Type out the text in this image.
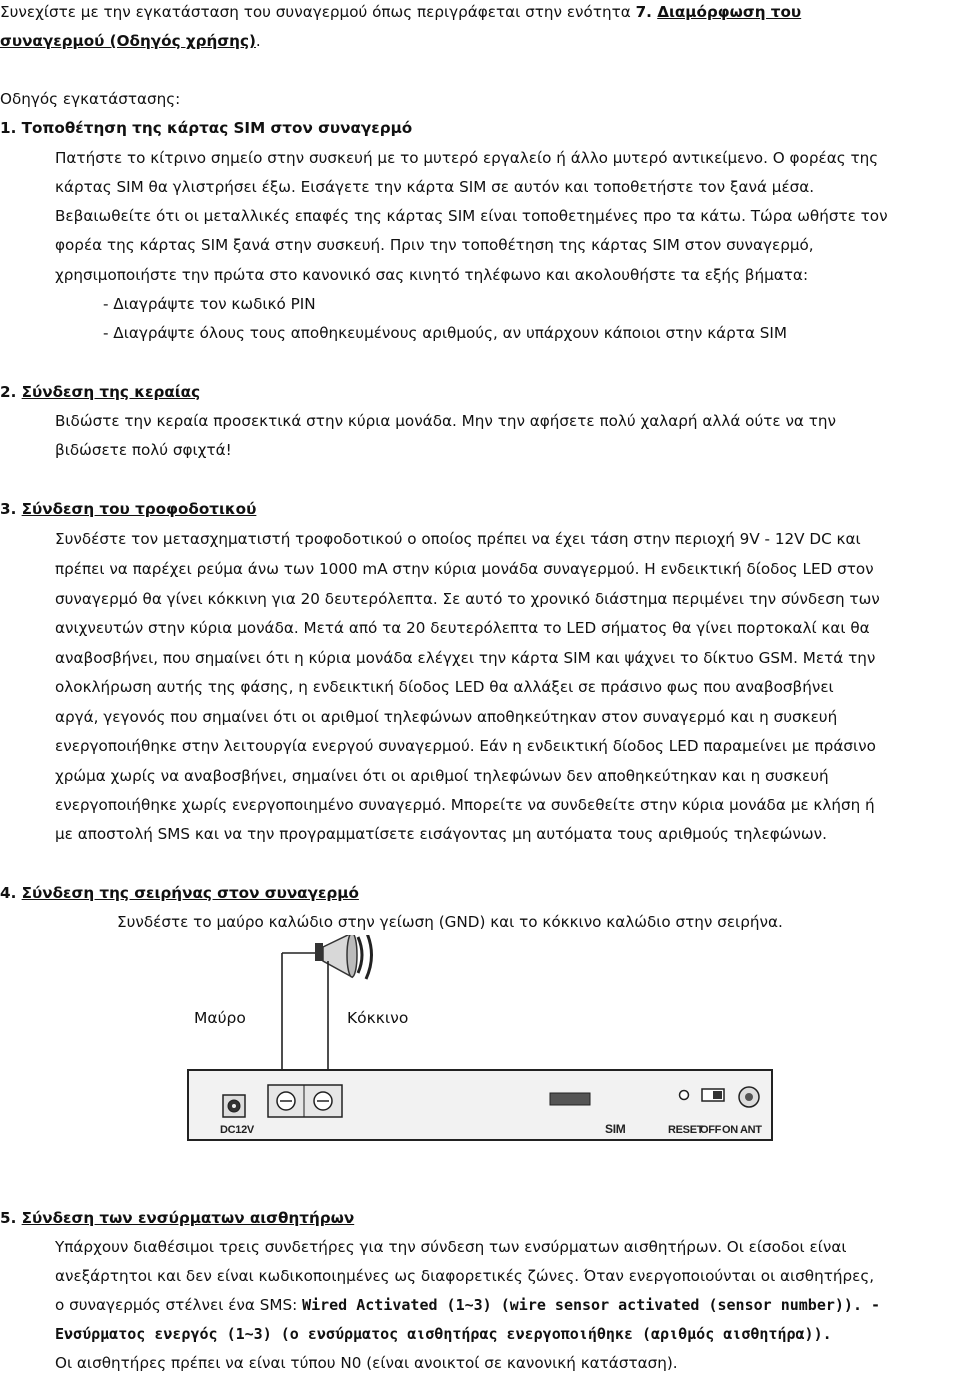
Συνεχίστε με την εγκατάσταση του συναγερμού όπως περιγράφεται στην ενότητα 7. Διαμόρφωση του
συναγερμού (Οδηγός χρήσης).
Οδηγός εγκατάστασης:
1. Τοποθέτηση της κάρτας SIM στον συναγερμό
Πατήστε το κίτρινο σημείο στην συσκευή με το μυτερό εργαλείο ή άλλο μυτερό αντικείμενο. Ο φορέας της
κάρτας SIM θα γλιστρήσει έξω. Εισάγετε την κάρτα SIM σε αυτόν και τοποθετήστε τον ξανά μέσα.
Βεβαιωθείτε ότι οι μεταλλικές επαφές της κάρτας SIM είναι τοποθετημένες προ τα κάτω. Τώρα ωθήστε τον
φορέα της κάρτας SIM ξανά στην συσκευή. Πριν την τοποθέτηση της κάρτας SIM στον συναγερμό,
χρησιμοποιήστε την πρώτα στο κανονικό σας κινητό τηλέφωνο και ακολουθήστε τα εξής βήματα:
- Διαγράψτε τον κωδικό PIN
- Διαγράψτε όλους τους αποθηκευμένους αριθμούς, αν υπάρχουν κάποιοι στην κάρτα SIM
2. Σύνδεση της κεραίας
Βιδώστε την κεραία προσεκτικά στην κύρια μονάδα. Μην την αφήσετε πολύ χαλαρή αλλά ούτε να την
βιδώσετε πολύ σφιχτά!
3. Σύνδεση του τροφοδοτικού
Συνδέστε τον μετασχηματιστή τροφοδοτικού ο οποίος πρέπει να έχει τάση στην περιοχή 9V - 12V DC και
πρέπει να παρέχει ρεύμα άνω των 1000 mA στην κύρια μονάδα συναγερμού. Η ενδεικτική δίοδος LED στον
συναγερμό θα γίνει κόκκινη για 20 δευτερόλεπτα. Σε αυτό το χρονικό διάστημα περιμένει την σύνδεση των
ανιχνευτών στην κύρια μονάδα. Μετά από τα 20 δευτερόλεπτα το LED σήματος θα γίνει πορτοκαλί και θα
αναβοσβήνει, που σημαίνει ότι η κύρια μονάδα ελέγχει την κάρτα SIM και ψάχνει το δίκτυο GSM. Μετά την
ολοκλήρωση αυτής της φάσης, η ενδεικτική δίοδος LED θα αλλάξει σε πράσινο φως που αναβοσβήνει
αργά, γεγονός που σημαίνει ότι οι αριθμοί τηλεφώνων αποθηκεύτηκαν στον συναγερμό και η συσκευή
ενεργοποιήθηκε στην λειτουργία ενεργού συναγερμού. Εάν η ενδεικτική δίοδος LED παραμείνει με πράσινο
χρώμα χωρίς να αναβοσβήνει, σημαίνει ότι οι αριθμοί τηλεφώνων δεν αποθηκεύτηκαν και η συσκευή
ενεργοποιήθηκε χωρίς ενεργοποιημένο συναγερμό. Μπορείτε να συνδεθείτε στην κύρια μονάδα με κλήση ή
με αποστολή SMS και να την προγραμματίσετε εισάγοντας μη αυτόματα τους αριθμούς τηλεφώνων.
4. Σύνδεση της σειρήνας στον συναγερμό
Συνδέστε το μαύρο καλώδιο στην γείωση (GND) και το κόκκινο καλώδιο στην σειρήνα.
DC12V	SIM	RESET
OFF ON ANT
Μαύρο	Κόκκινο
5. Σύνδεση των ενσύρματων αισθητήρων
Υπάρχουν διαθέσιμοι τρεις συνδετήρες για την σύνδεση των ενσύρματων αισθητήρων. Οι είσοδοι είναι
ανεξάρτητοι και δεν είναι κωδικοποιημένες ως διαφορετικές ζώνες. Όταν ενεργοποιούνται οι αισθητήρες,
ο συναγερμός στέλνει ένα SMS: Wired Activated (1~3) (wire sensor activated (sensor number)). -
Ενσύρματος ενεργός (1~3) (ο ενσύρματος αισθητήρας ενεργοποιήθηκε (αριθμός αισθητήρα)).
Οι αισθητήρες πρέπει να είναι τύπου N0 (είναι ανοικτοί σε κανονική κατάσταση).
